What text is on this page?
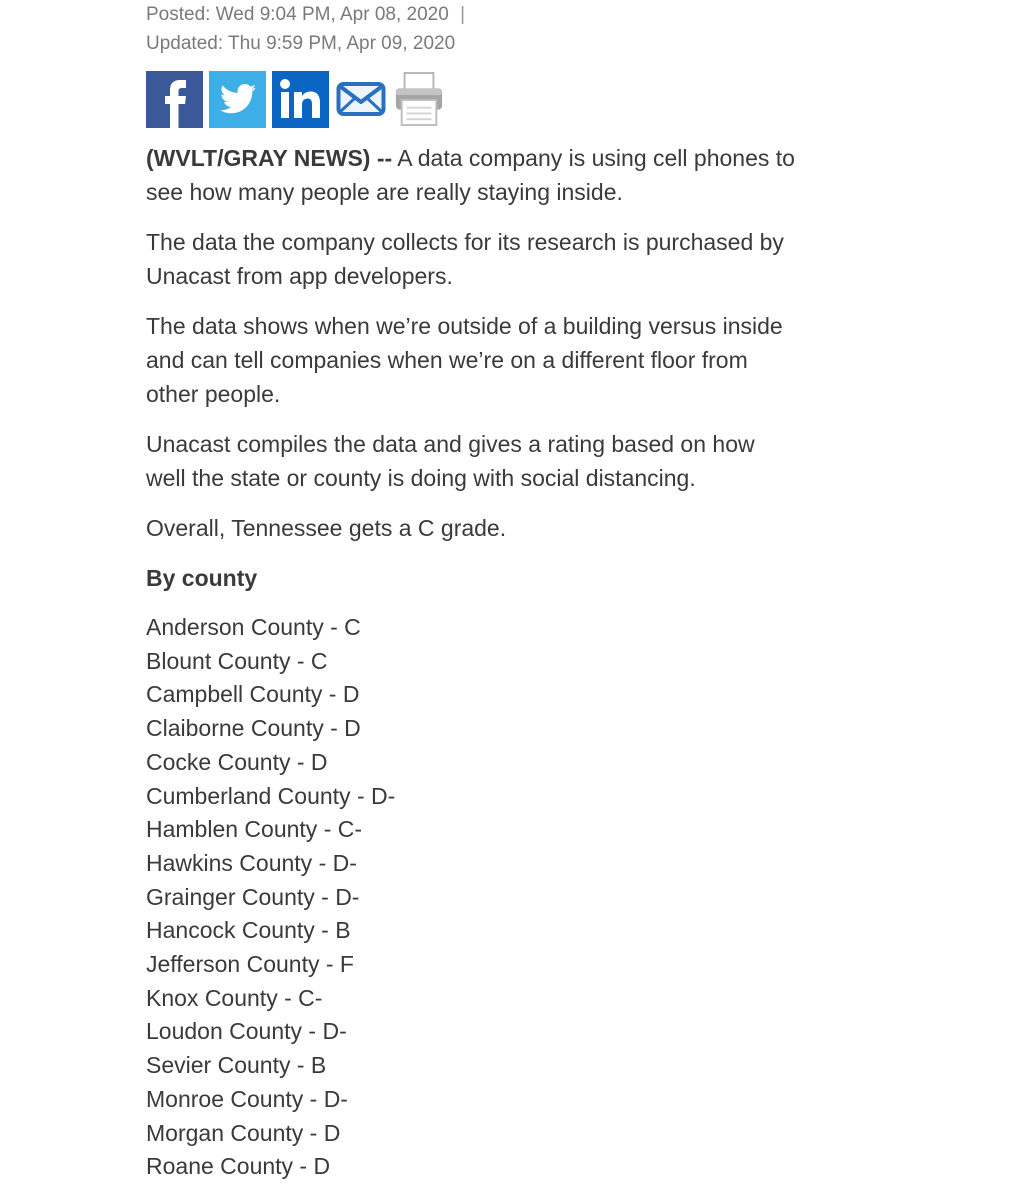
Posted: Wed 9:04 PM, Apr 08, 2020 |
Updated: Thu 9:59 PM, Apr 09, 2020

(WVLT/GRAY NEWS) -- A data company is using cell phones to see how many people are really staying inside.

The data the company collects for its research is purchased by Unacast from app developers.

The data shows when we’re outside of a building versus inside and can tell companies when we’re on a different floor from other people.

Unacast compiles the data and gives a rating based on how well the state or county is doing with social distancing.

Overall, Tennessee gets a C grade.

By county

Anderson County - C
Blount County - C
Campbell County - D
Claiborne County - D
Cocke County - D
Cumberland County - D-
Hamblen County - C-
Hawkins County - D-
Grainger County - D-
Hancock County - B
Jefferson County - F
Knox County - C-
Loudon County - D-
Sevier County - B
Monroe County - D-
Morgan County - D
Roane County - D
